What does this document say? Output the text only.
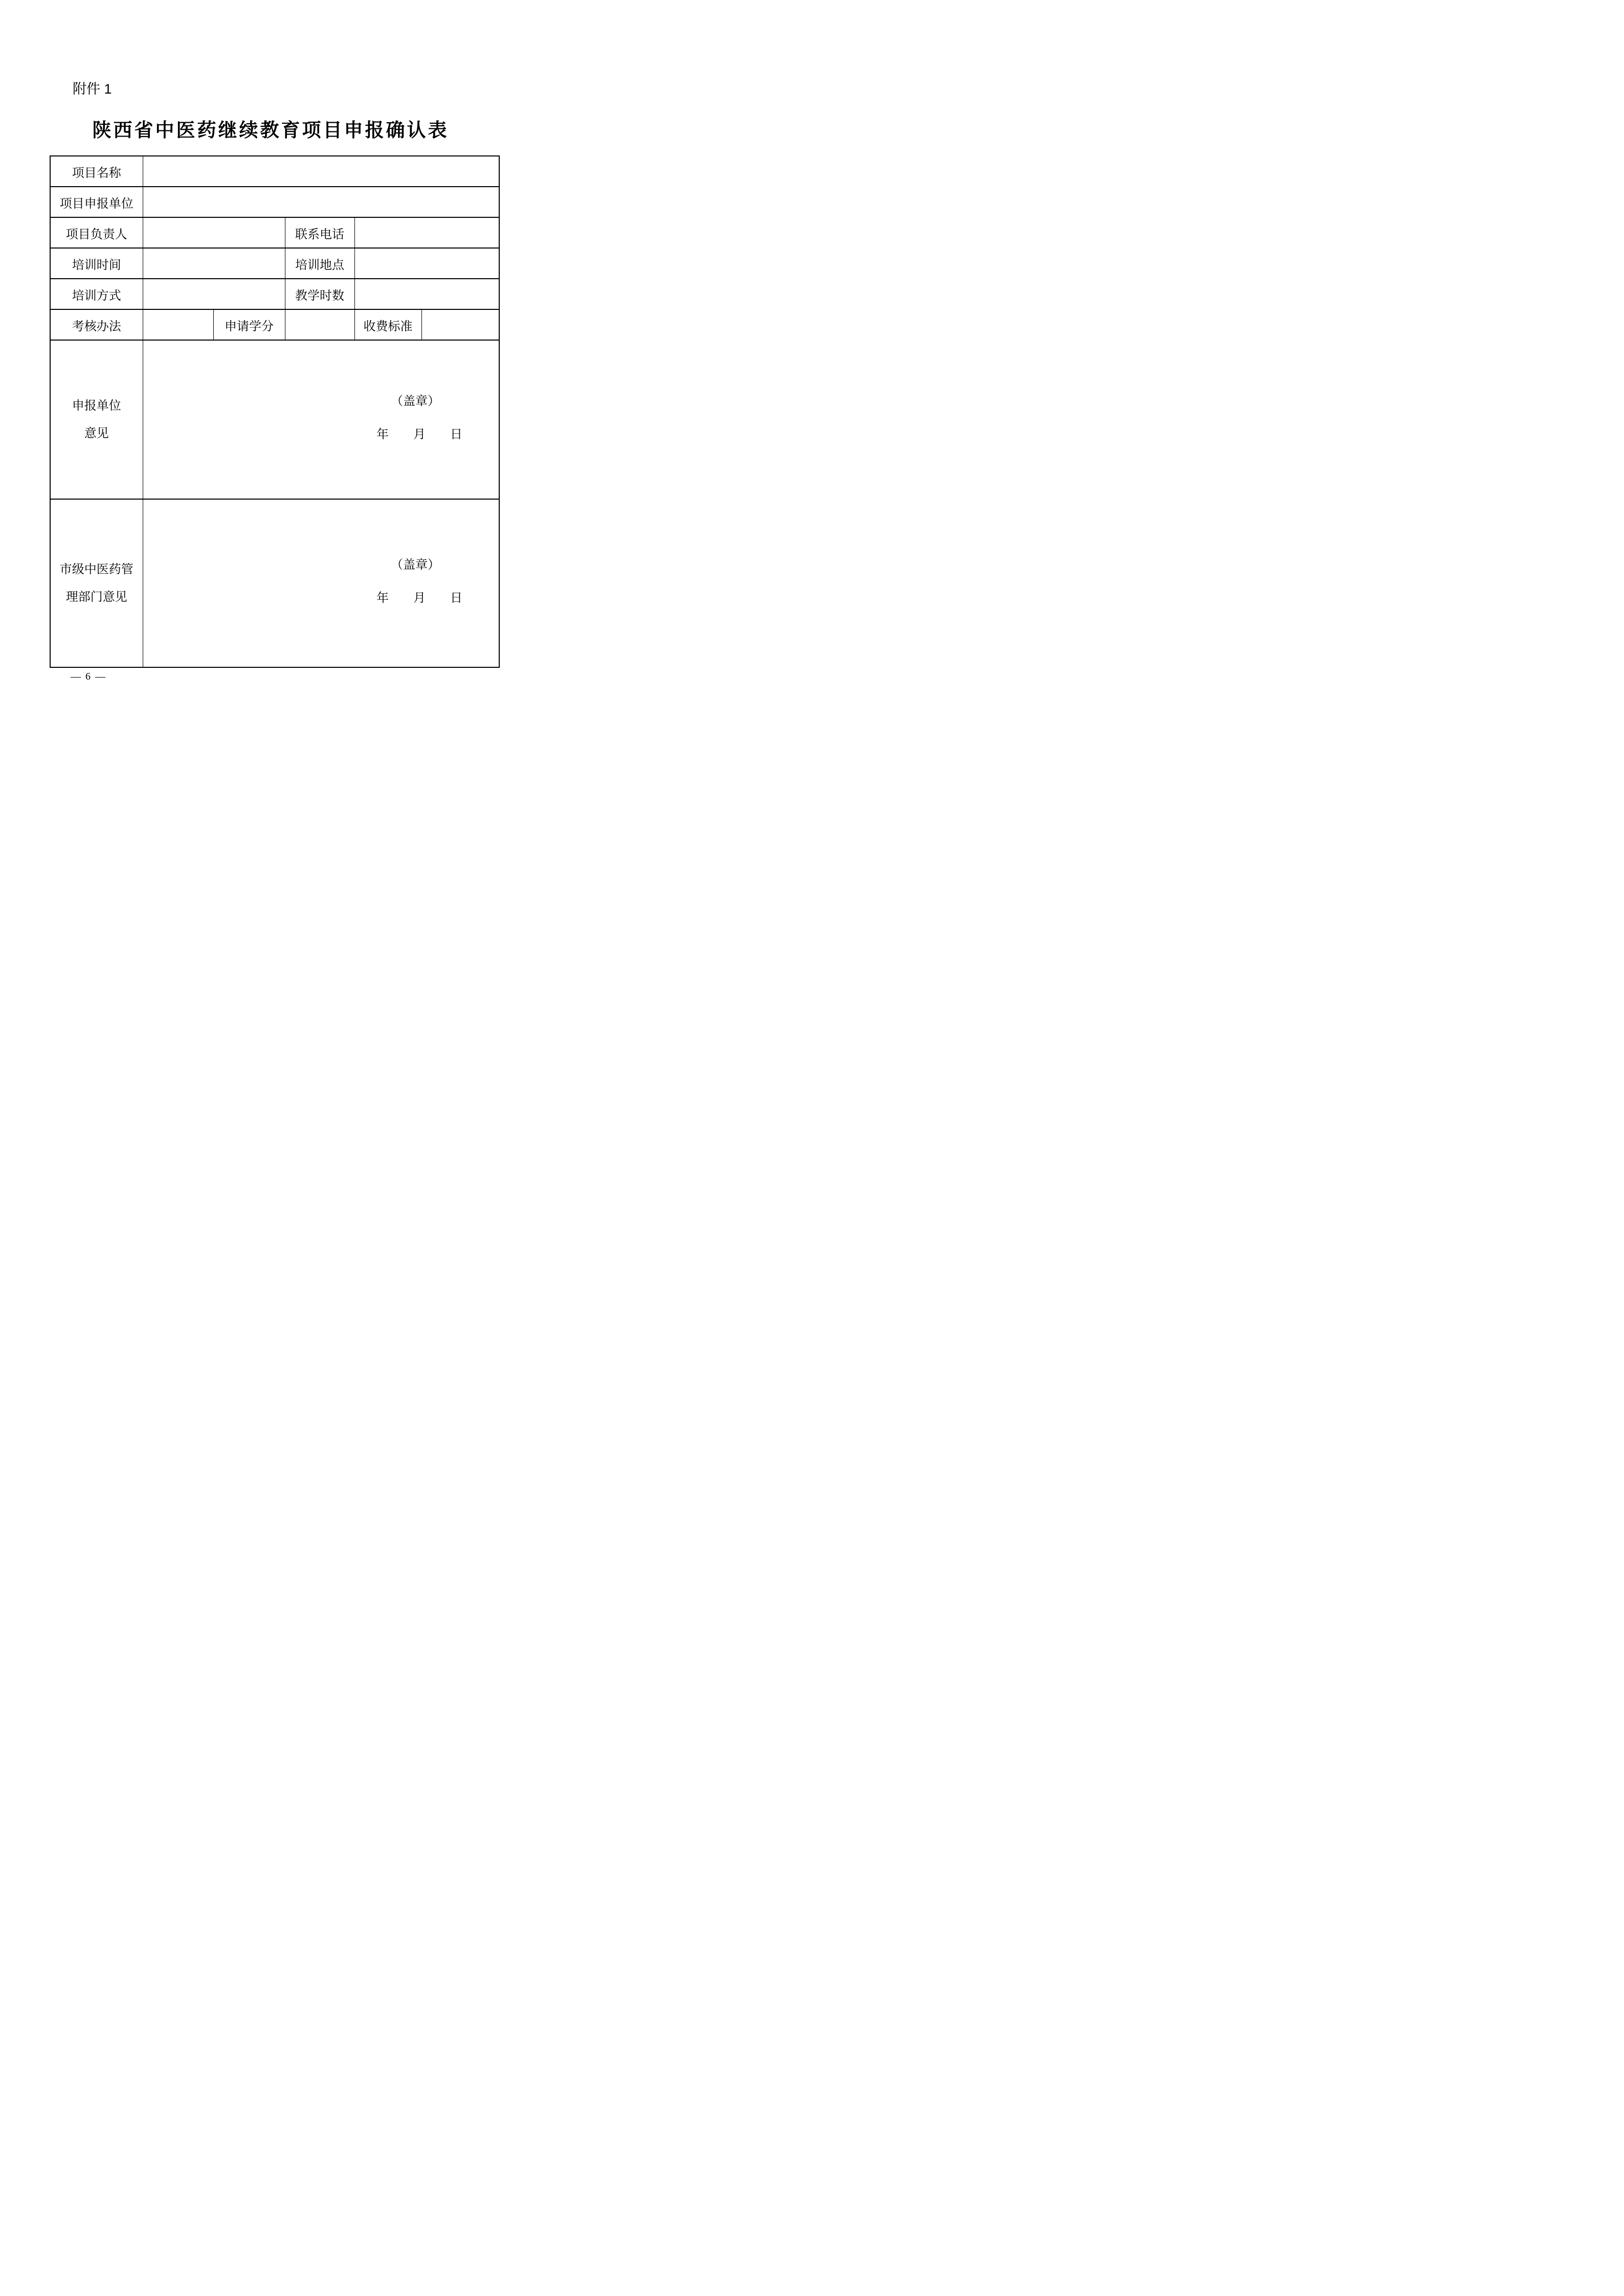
附件 1
陕西省中医药继续教育项目申报确认表
项目名称					
项目申报单位					
项目负责人			联系电话		
培训时间			培训地点		
培训方式			教学时数		
考核办法		申请学分		收费标准	

申报单位
意见

（盖章）
年　　月　　日

市级中医药管
理部门意见

（盖章）
年　　月　　日
— 6 —
